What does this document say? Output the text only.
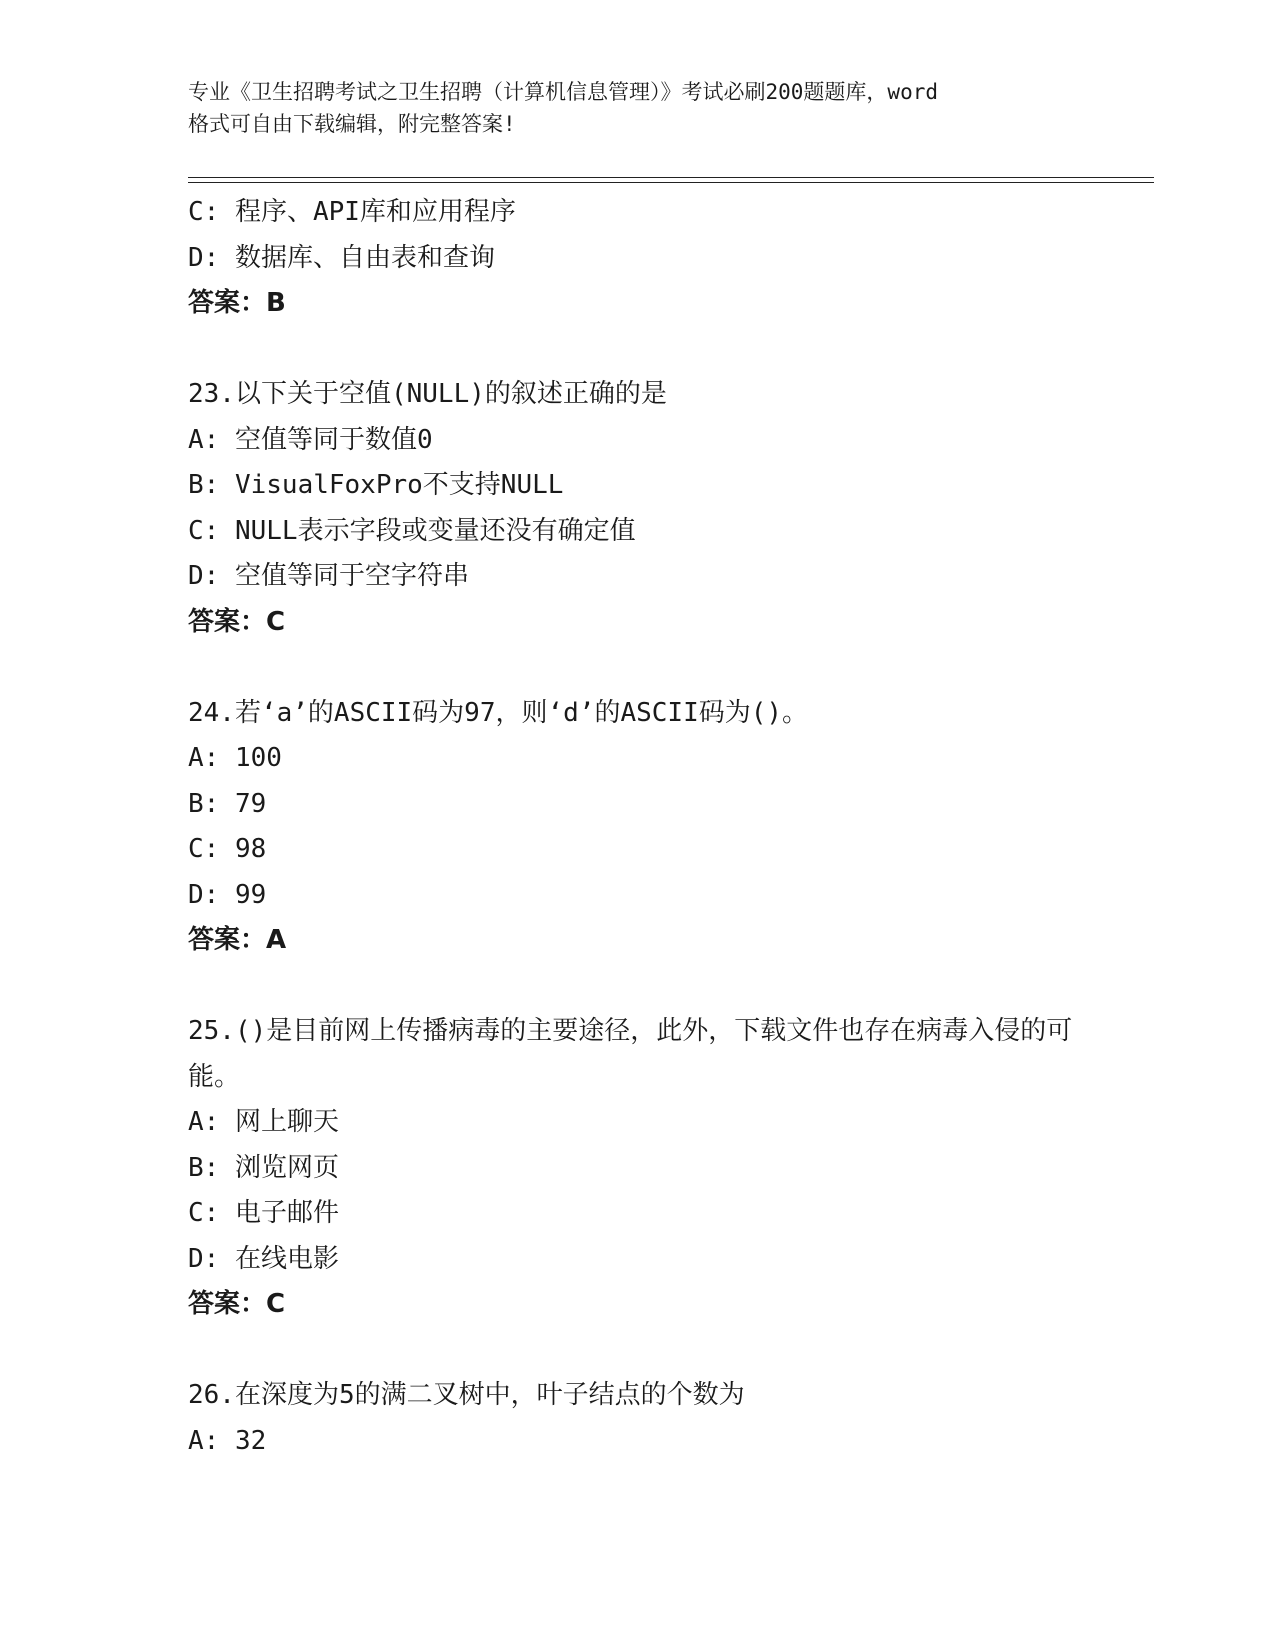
专业《卫生招聘考试之卫生招聘（计算机信息管理）》考试必刷200题题库，word
格式可自由下载编辑，附完整答案!
C: 程序、API库和应用程序
D: 数据库、自由表和查询
答案：B
23.以下关于空值(NULL)的叙述正确的是
A: 空值等同于数值0
B: VisualFoxPro不支持NULL
C: NULL表示字段或变量还没有确定值
D: 空值等同于空字符串
答案：C
24.若‘a’的ASCII码为97，则‘d’的ASCII码为()。
A: 100
B: 79
C: 98
D: 99
答案：A
25.()是目前网上传播病毒的主要途径，此外，下载文件也存在病毒入侵的可能。
A: 网上聊天
B: 浏览网页
C: 电子邮件
D: 在线电影
答案：C
26.在深度为5的满二叉树中，叶子结点的个数为
A: 32
